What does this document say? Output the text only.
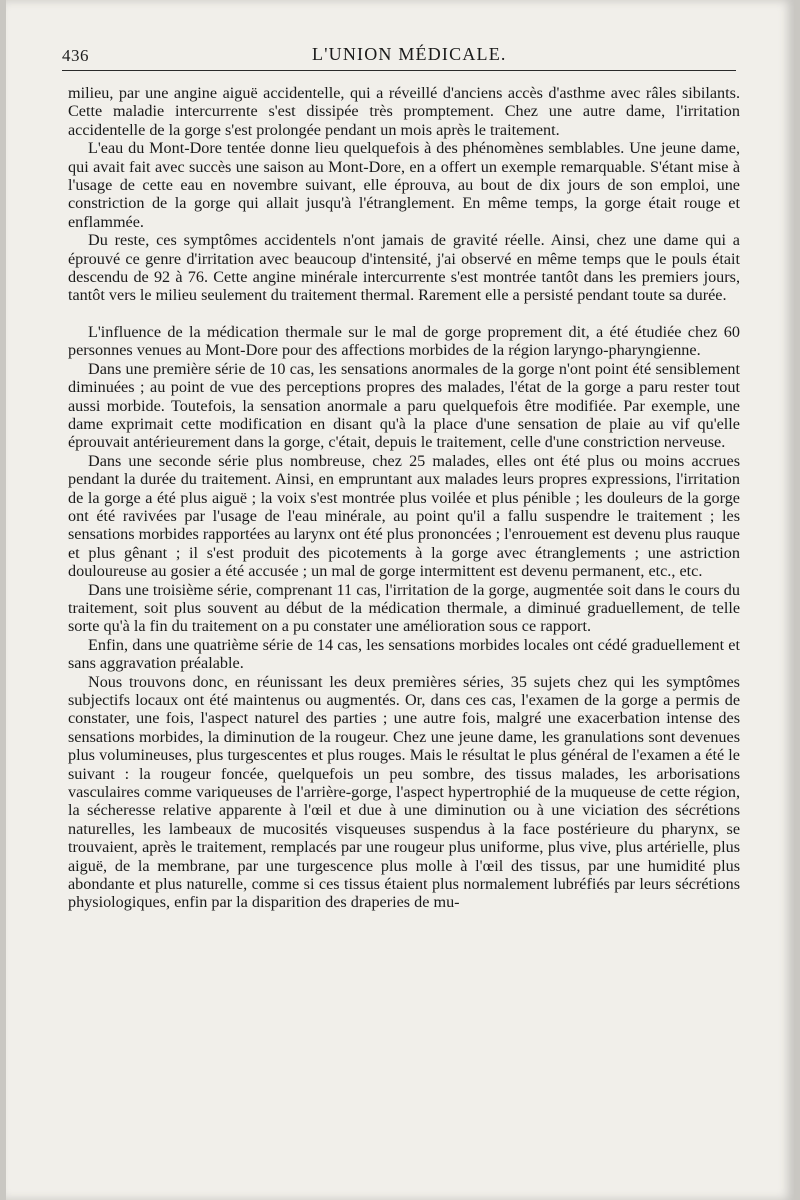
436	L'UNION MÉDICALE.

milieu, par une angine aiguë accidentelle, qui a réveillé d'anciens accès d'asthme avec râles sibilants. Cette maladie intercurrente s'est dissipée très promptement. Chez une autre dame, l'irritation accidentelle de la gorge s'est prolongée pendant un mois après le traitement.

L'eau du Mont-Dore tentée donne lieu quelquefois à des phénomènes semblables. Une jeune dame, qui avait fait avec succès une saison au Mont-Dore, en a offert un exemple remarquable. S'étant mise à l'usage de cette eau en novembre suivant, elle éprouva, au bout de dix jours de son emploi, une constriction de la gorge qui allait jusqu'à l'étranglement. En même temps, la gorge était rouge et enflammée.

Du reste, ces symptômes accidentels n'ont jamais de gravité réelle. Ainsi, chez une dame qui a éprouvé ce genre d'irritation avec beaucoup d'intensité, j'ai observé en même temps que le pouls était descendu de 92 à 76. Cette angine minérale intercurrente s'est montrée tantôt dans les premiers jours, tantôt vers le milieu seulement du traitement thermal. Rarement elle a persisté pendant toute sa durée.

L'influence de la médication thermale sur le mal de gorge proprement dit, a été étudiée chez 60 personnes venues au Mont-Dore pour des affections morbides de la région laryngo-pharyngienne.

Dans une première série de 10 cas, les sensations anormales de la gorge n'ont point été sensiblement diminuées ; au point de vue des perceptions propres des malades, l'état de la gorge a paru rester tout aussi morbide. Toutefois, la sensation anormale a paru quelquefois être modifiée. Par exemple, une dame exprimait cette modification en disant qu'à la place d'une sensation de plaie au vif qu'elle éprouvait antérieurement dans la gorge, c'était, depuis le traitement, celle d'une constriction nerveuse.

Dans une seconde série plus nombreuse, chez 25 malades, elles ont été plus ou moins accrues pendant la durée du traitement. Ainsi, en empruntant aux malades leurs propres expressions, l'irritation de la gorge a été plus aiguë ; la voix s'est montrée plus voilée et plus pénible ; les douleurs de la gorge ont été ravivées par l'usage de l'eau minérale, au point qu'il a fallu suspendre le traitement ; les sensations morbides rapportées au larynx ont été plus prononcées ; l'enrouement est devenu plus rauque et plus gênant ; il s'est produit des picotements à la gorge avec étranglements ; une astriction douloureuse au gosier a été accusée ; un mal de gorge intermittent est devenu permanent, etc., etc.

Dans une troisième série, comprenant 11 cas, l'irritation de la gorge, augmentée soit dans le cours du traitement, soit plus souvent au début de la médication thermale, a diminué graduellement, de telle sorte qu'à la fin du traitement on a pu constater une amélioration sous ce rapport.

Enfin, dans une quatrième série de 14 cas, les sensations morbides locales ont cédé graduellement et sans aggravation préalable.

Nous trouvons donc, en réunissant les deux premières séries, 35 sujets chez qui les symptômes subjectifs locaux ont été maintenus ou augmentés. Or, dans ces cas, l'examen de la gorge a permis de constater, une fois, l'aspect naturel des parties ; une autre fois, malgré une exacerbation intense des sensations morbides, la diminution de la rougeur. Chez une jeune dame, les granulations sont devenues plus volumineuses, plus turgescentes et plus rouges. Mais le résultat le plus général de l'examen a été le suivant : la rougeur foncée, quelquefois un peu sombre, des tissus malades, les arborisations vasculaires comme variqueuses de l'arrière-gorge, l'aspect hypertrophié de la muqueuse de cette région, la sécheresse relative apparente à l'œil et due à une diminution ou à une viciation des sécrétions naturelles, les lambeaux de mucosités visqueuses suspendus à la face postérieure du pharynx, se trouvaient, après le traitement, remplacés par une rougeur plus uniforme, plus vive, plus artérielle, plus aiguë, de la membrane, par une turgescence plus molle à l'œil des tissus, par une humidité plus abondante et plus naturelle, comme si ces tissus étaient plus normalement lubréfiés par leurs sécrétions physiologiques, enfin par la disparition des draperies de mu-
